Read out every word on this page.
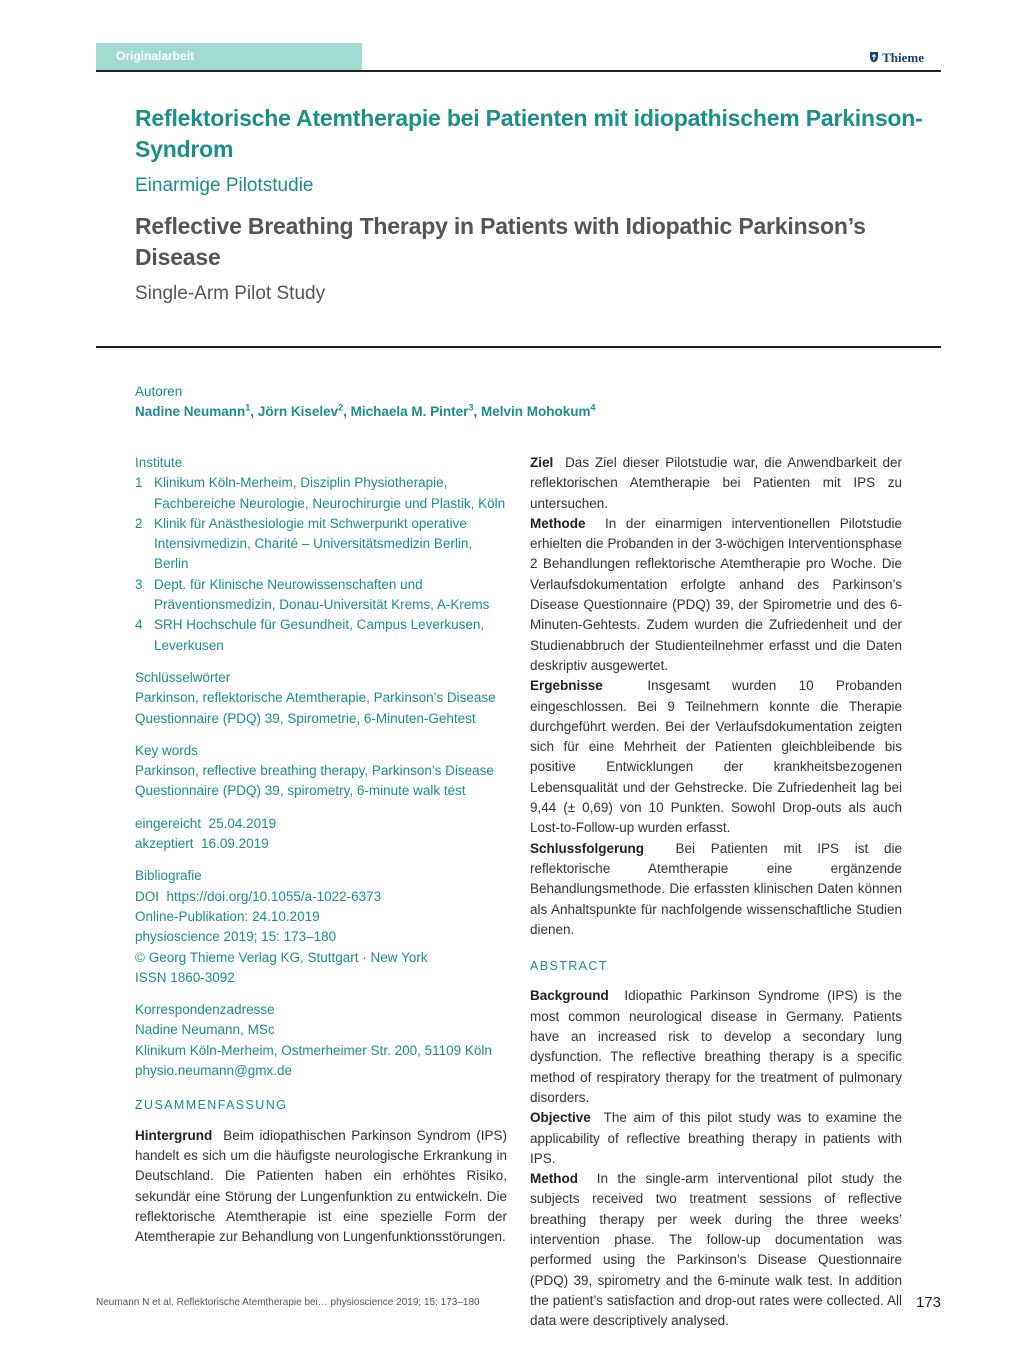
Originalarbeit	Thieme
Reflektorische Atemtherapie bei Patienten mit idiopathischem Parkinson-Syndrom
Einarmige Pilotstudie
Reflective Breathing Therapy in Patients with Idiopathic Parkinson’s Disease
Single-Arm Pilot Study
Autoren
Nadine Neumann$^1$, Jörn Kiselev$^2$, Michaela M. Pinter$^3$, Melvin Mohokum$^4$
Institute
1 Klinikum Köln-Merheim, Disziplin Physiotherapie, Fachbereiche Neurologie, Neurochirurgie und Plastik, Köln
2 Klinik für Anästhesiologie mit Schwerpunkt operative Intensivmedizin, Charité – Universitätsmedizin Berlin, Berlin
3 Dept. für Klinische Neurowissenschaften und Präventionsmedizin, Donau-Universität Krems, A-Krems
4 SRH Hochschule für Gesundheit, Campus Leverkusen, Leverkusen
Schlüsselwörter
Parkinson, reflektorische Atemtherapie, Parkinson’s Disease Questionnaire (PDQ) 39, Spirometrie, 6-Minuten-Gehtest
Key words
Parkinson, reflective breathing therapy, Parkinson’s Disease Questionnaire (PDQ) 39, spirometry, 6-minute walk test
eingereicht 25.04.2019
akzeptiert 16.09.2019
Bibliografie
DOI https://doi.org/10.1055/a-1022-6373
Online-Publikation: 24.10.2019
physioscience 2019; 15: 173–180
© Georg Thieme Verlag KG, Stuttgart · New York
ISSN 1860-3092
Korrespondenzadresse
Nadine Neumann, MSc
Klinikum Köln-Merheim, Ostmerheimer Str. 200, 51109 Köln
physio.neumann@gmx.de
ZUSAMMENFASSUNG

Hintergrund Beim idiopathischen Parkinson Syndrom (IPS) handelt es sich um die häufigste neurologische Erkrankung in Deutschland. Die Patienten haben ein erhöhtes Risiko, sekundär eine Störung der Lungenfunktion zu entwickeln. Die reflektorische Atemtherapie ist eine spezielle Form der Atemtherapie zur Behandlung von Lungenfunktionsstörungen.

Ziel Das Ziel dieser Pilotstudie war, die Anwendbarkeit der reflektorischen Atemtherapie bei Patienten mit IPS zu untersuchen.

Methode In der einarmigen interventionellen Pilotstudie erhielten die Probanden in der 3-wöchigen Interventionsphase 2 Behandlungen reflektorische Atemtherapie pro Woche. Die Verlaufsdokumentation erfolgte anhand des Parkinson’s Disease Questionnaire (PDQ) 39, der Spirometrie und des 6-Minuten-Gehtests. Zudem wurden die Zufriedenheit und der Studienabbruch der Studienteilnehmer erfasst und die Daten deskriptiv ausgewertet.

Ergebnisse	Insgesamt wurden 10 Probanden eingeschlossen. Bei 9 Teilnehmern konnte die Therapie durchgeführt werden. Bei der Verlaufsdokumentation zeigten sich für eine Mehrheit der Patienten gleichbleibende bis positive Entwicklungen der krankheitsbezogenen Lebensqualität und der Gehstrecke. Die Zufriedenheit lag bei 9,44 (± 0,69) von 10 Punkten. Sowohl Drop-outs als auch Lost-to-Follow-up wurden erfasst.

Schlussfolgerung Bei Patienten mit IPS ist die reflektorische Atemtherapie eine ergänzende Behandlungsmethode. Die erfassten klinischen Daten können als Anhaltspunkte für nachfolgende wissenschaftliche Studien dienen.

ABSTRACT

Background Idiopathic Parkinson Syndrome (IPS) is the most common neurological disease in Germany. Patients have an increased risk to develop a secondary lung dysfunction. The reflective breathing therapy is a specific method of respiratory therapy for the treatment of pulmonary disorders.

Objective The aim of this pilot study was to examine the applicability of reflective breathing therapy in patients with IPS.

Method In the single-arm interventional pilot study the subjects received two treatment sessions of reflective breathing therapy per week during the three weeks’ intervention phase. The follow-up documentation was performed using the Parkinson’s Disease Questionnaire (PDQ) 39, spirometry and the 6-minute walk test. In addition the patient’s satisfaction and drop-out rates were collected. All data were descriptively analysed.

Neumann N et al. Reflektorische Atemtherapie bei… physioscience 2019; 15: 173–180	173
